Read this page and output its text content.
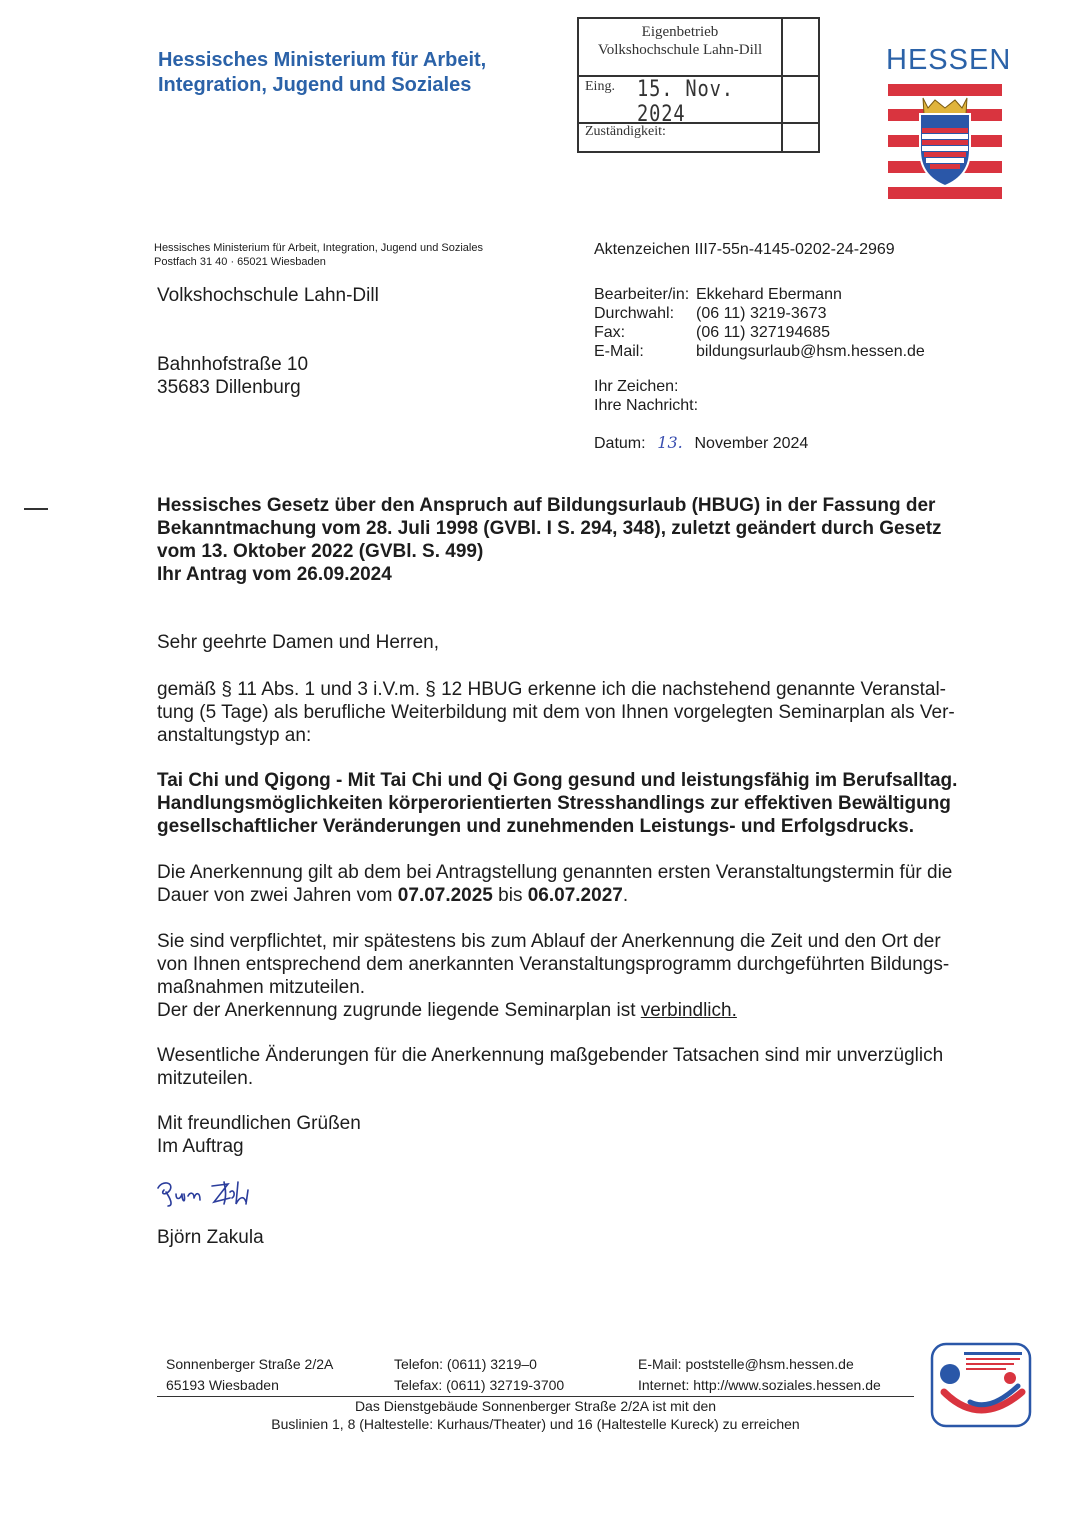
Hessisches Ministerium für Arbeit,
Integration, Jugend und Soziales
Eigenbetrieb
Volkshochschule Lahn-Dill
Eing. 15. Nov. 2024
Zuständigkeit:
HESSEN
Hessisches Ministerium für Arbeit, Integration, Jugend und Soziales
Postfach 31 40 · 65021 Wiesbaden
Volkshochschule Lahn-Dill
Bahnhofstraße 10
35683 Dillenburg
Aktenzeichen III7-55n-4145-0202-24-2969
Bearbeiter/in: Ekkehard Ebermann
Durchwahl: (06 11) 3219-3673
Fax:	(06 11) 327194685
E-Mail:	bildungsurlaub@hsm.hessen.de
Ihr Zeichen:
Ihre Nachricht:
Datum: 13. November 2024
Hessisches Gesetz über den Anspruch auf Bildungsurlaub (HBUG) in der Fassung der
Bekanntmachung vom 28. Juli 1998 (GVBl. I S. 294, 348), zuletzt geändert durch Gesetz
vom 13. Oktober 2022 (GVBl. S. 499)
Ihr Antrag vom 26.09.2024
Sehr geehrte Damen und Herren,
gemäß § 11 Abs. 1 und 3 i.V.m. § 12 HBUG erkenne ich die nachstehend genannte Veranstal-
tung (5 Tage) als berufliche Weiterbildung mit dem von Ihnen vorgelegten Seminarplan als Ver-
anstaltungstyp an:
Tai Chi und Qigong - Mit Tai Chi und Qi Gong gesund und leistungsfähig im Berufsalltag.
Handlungsmöglichkeiten körperorientierten Stresshandlings zur effektiven Bewältigung
gesellschaftlicher Veränderungen und zunehmenden Leistungs- und Erfolgsdrucks.
Die Anerkennung gilt ab dem bei Antragstellung genannten ersten Veranstaltungstermin für die
Dauer von zwei Jahren vom 07.07.2025 bis 06.07.2027.
Sie sind verpflichtet, mir spätestens bis zum Ablauf der Anerkennung die Zeit und den Ort der
von Ihnen entsprechend dem anerkannten Veranstaltungsprogramm durchgeführten Bildungs-
maßnahmen mitzuteilen.
Der der Anerkennung zugrunde liegende Seminarplan ist verbindlich.
Wesentliche Änderungen für die Anerkennung maßgebender Tatsachen sind mir unverzüglich
mitzuteilen.
Mit freundlichen Grüßen
Im Auftrag
Björn Zakula
Sonnenberger Straße 2/2A
65193 Wiesbaden
Telefon: (0611) 3219–0
Telefax: (0611) 32719-3700
E-Mail: poststelle@hsm.hessen.de
Internet: http://www.soziales.hessen.de
Das Dienstgebäude Sonnenberger Straße 2/2A ist mit den
Buslinien 1, 8 (Haltestelle: Kurhaus/Theater) und 16 (Haltestelle Kureck) zu erreichen
